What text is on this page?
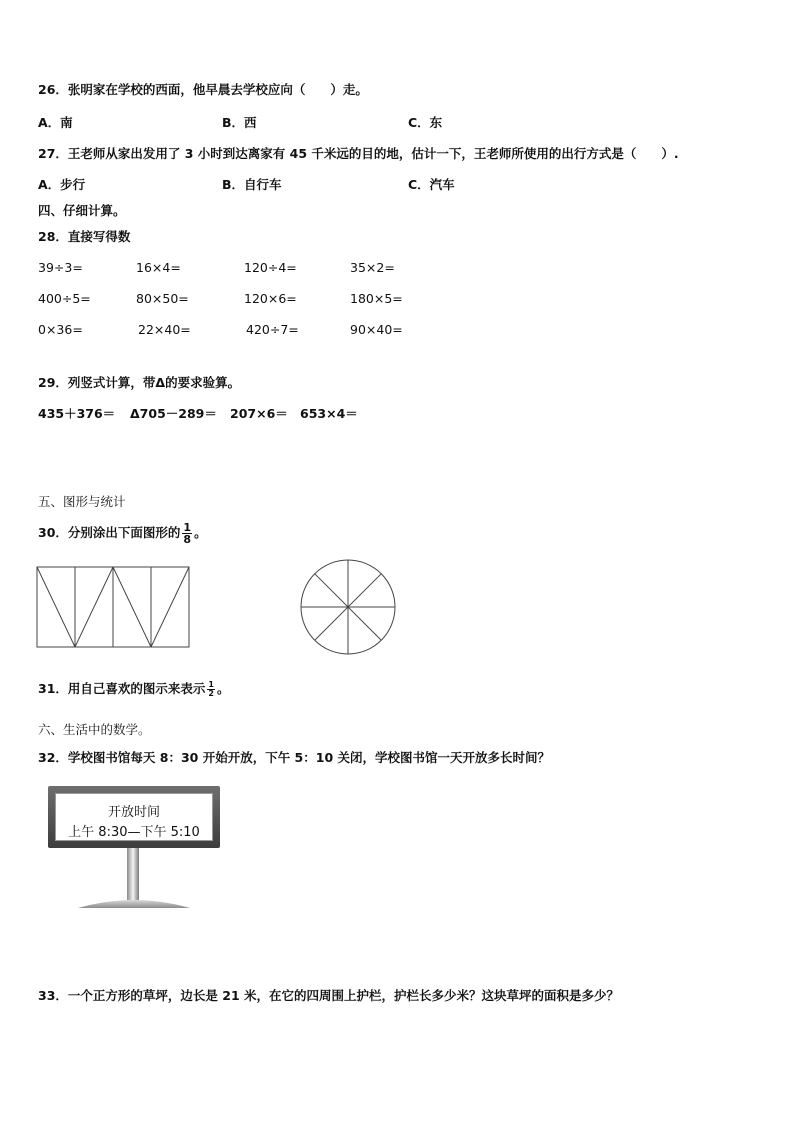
26．张明家在学校的西面，他早晨去学校应向（　　）走。
A．南	B．西	C．东
27．王老师从家出发用了 3 小时到达离家有 45 千米远的目的地，估计一下，王老师所使用的出行方式是（　　）.
A．步行	B．自行车	C．汽车
四、仔细计算。
28．直接写得数
39÷3=	16×4=	120÷4=	35×2=
400÷5=	80×50=	120×6=	180×5=
0×36=	22×40=	420÷7=	90×40=
29．列竖式计算，带Δ的要求验算。
435＋376＝ Δ705－289＝ 207×6＝ 653×4＝
五、图形与统计
30．分别涂出下面图形的 $\frac{1}{8}$ 。
31．用自己喜欢的图示来表示 $\frac{1}{2}$ 。
六、生活中的数学。
32．学校图书馆每天 8：30 开始开放，下午 5：10 关闭，学校图书馆一天开放多长时间？
开放时间
上午 8:30—下午 5:10
33．一个正方形的草坪，边长是 21 米，在它的四周围上护栏，护栏长多少米？这块草坪的面积是多少？
